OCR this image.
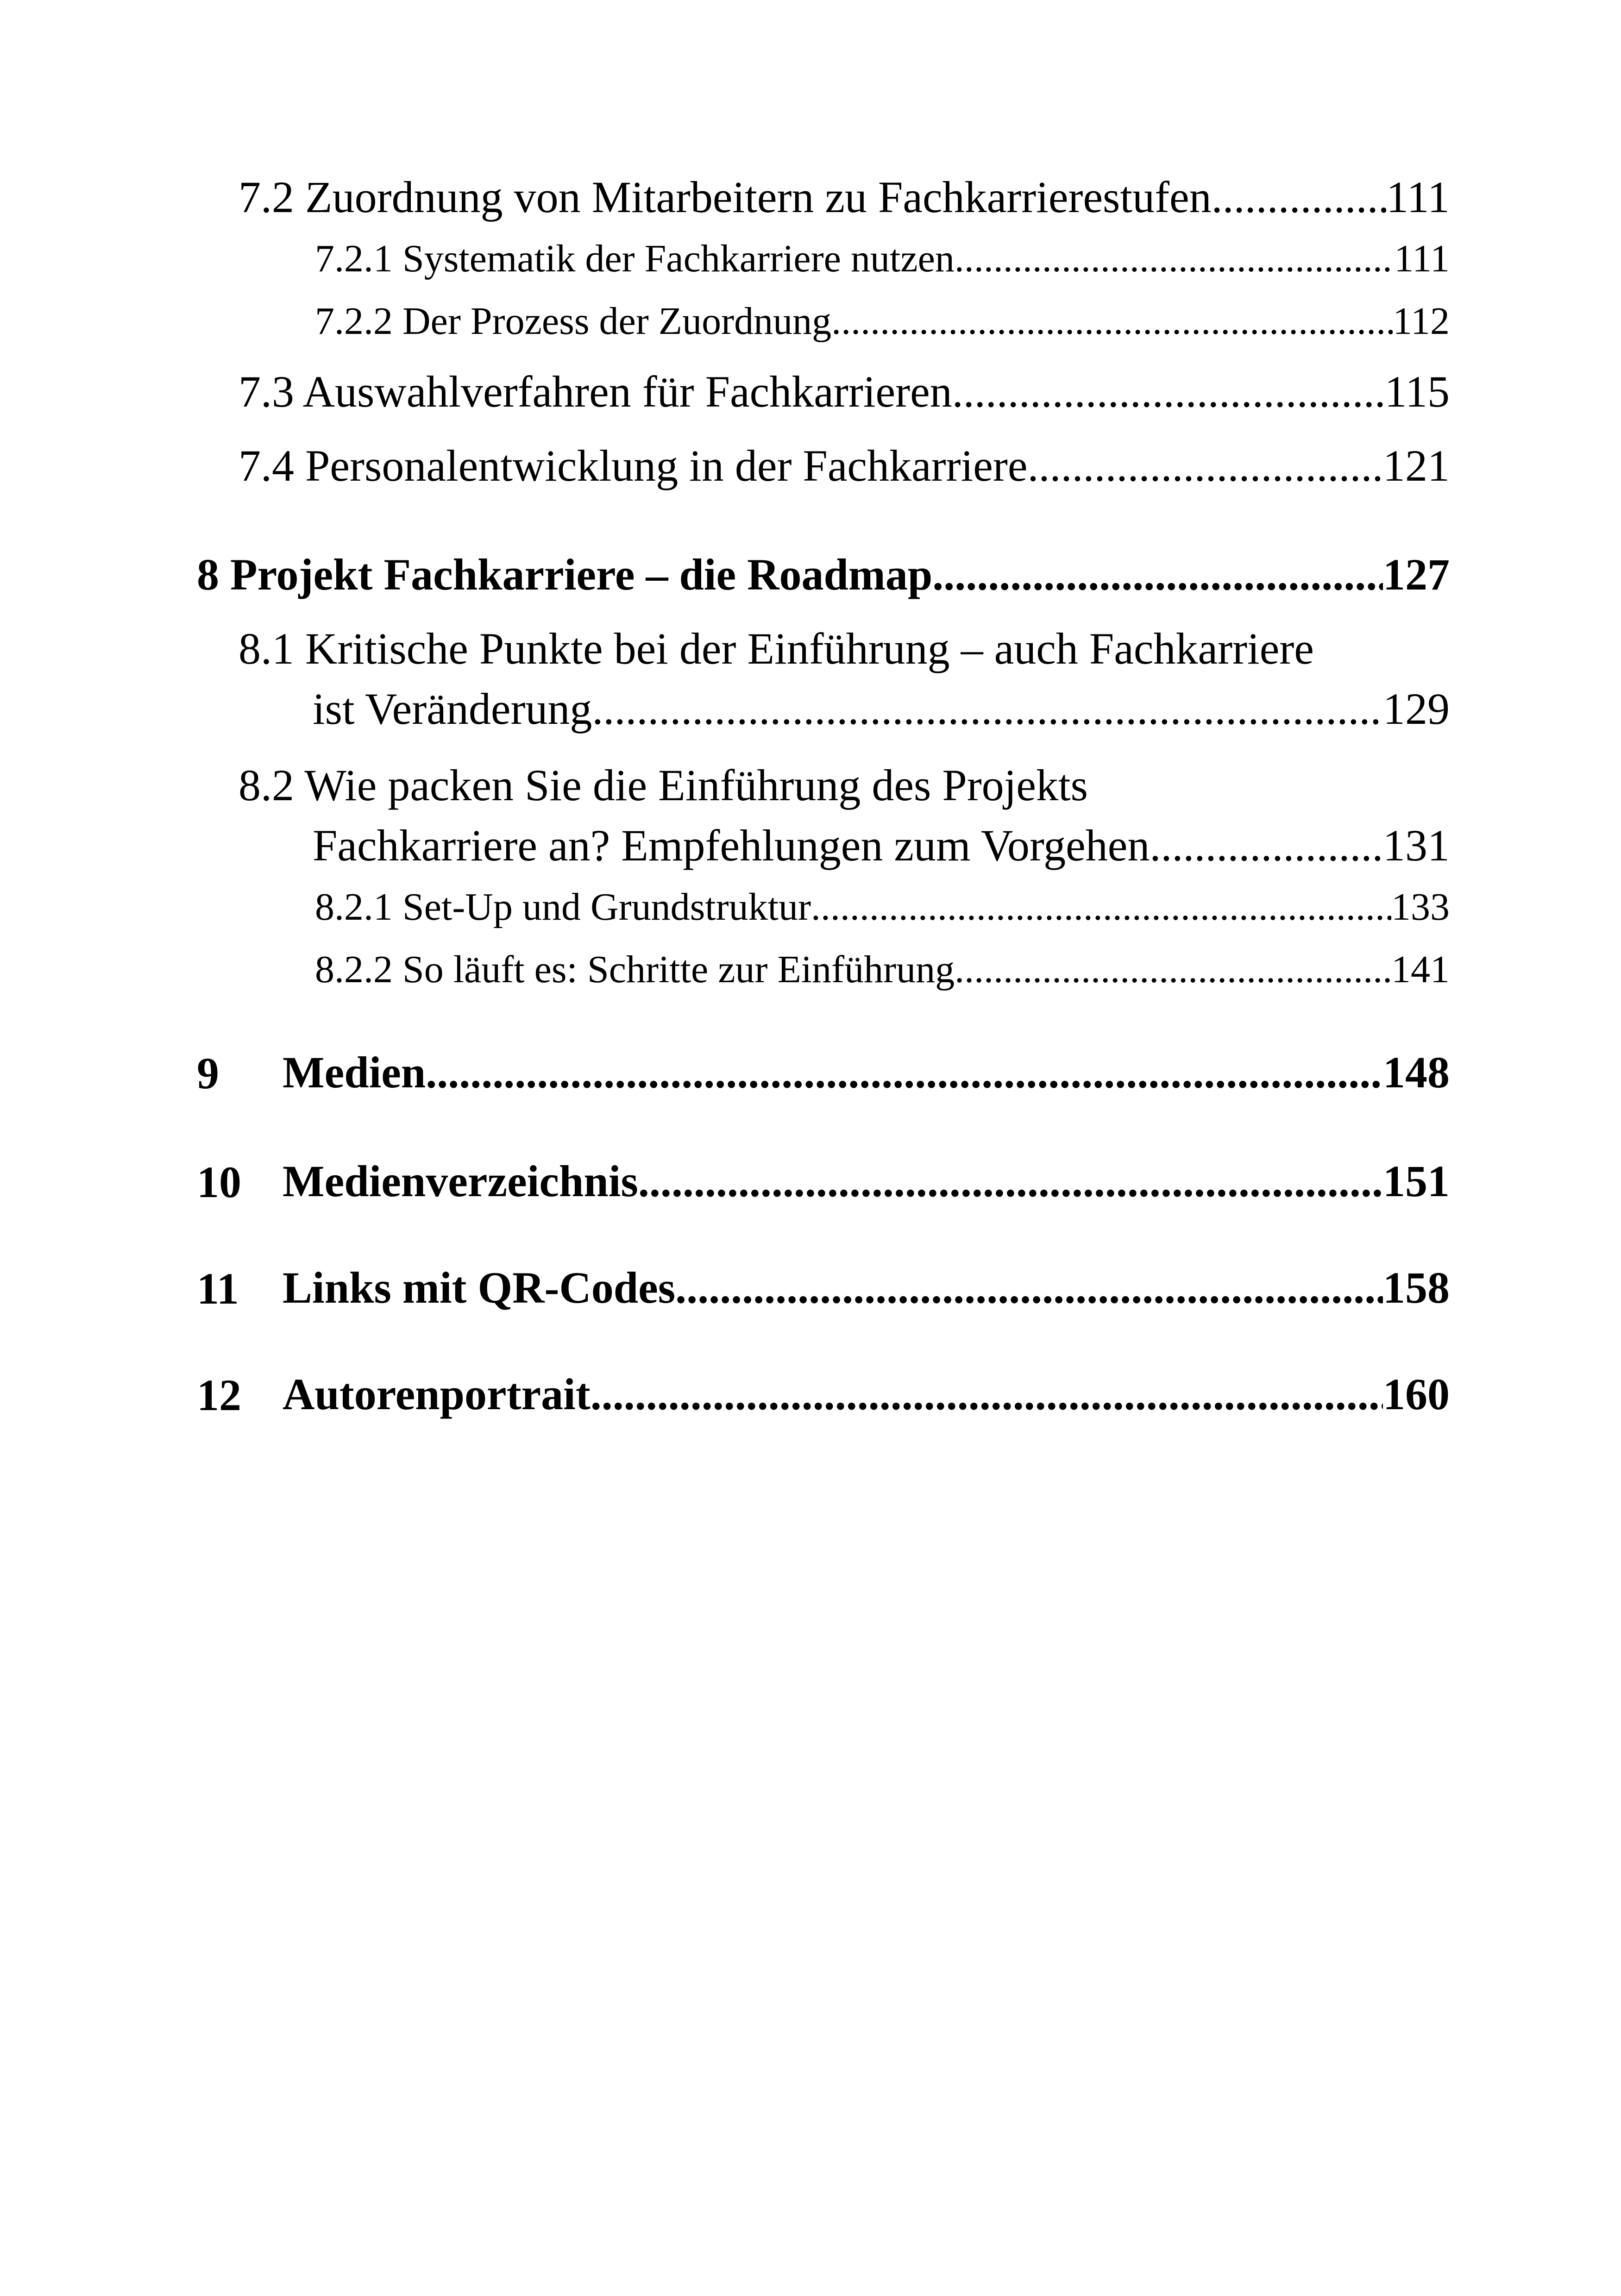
7.2 Zuordnung von Mitarbeitern zu Fachkarrierestufen .....	111
7.2.1 Systematik der Fachkarriere nutzen .....	111
7.2.2 Der Prozess der Zuordnung .....	112
7.3 Auswahlverfahren für Fachkarrieren .....	115
7.4 Personalentwicklung in der Fachkarriere .....	121
8 Projekt Fachkarriere – die Roadmap .....	127
8.1 Kritische Punkte bei der Einführung – auch Fachkarriere
ist Veränderung .....	129
8.2 Wie packen Sie die Einführung des Projekts
Fachkarriere an? Empfehlungen zum Vorgehen .....	131
8.2.1 Set-Up und Grundstruktur .....	133
8.2.2 So läuft es: Schritte zur Einführung .....	141
9 Medien .....	148
10 Medienverzeichnis .....	151
11 Links mit QR-Codes .....	158
12 Autorenportrait .....	160
